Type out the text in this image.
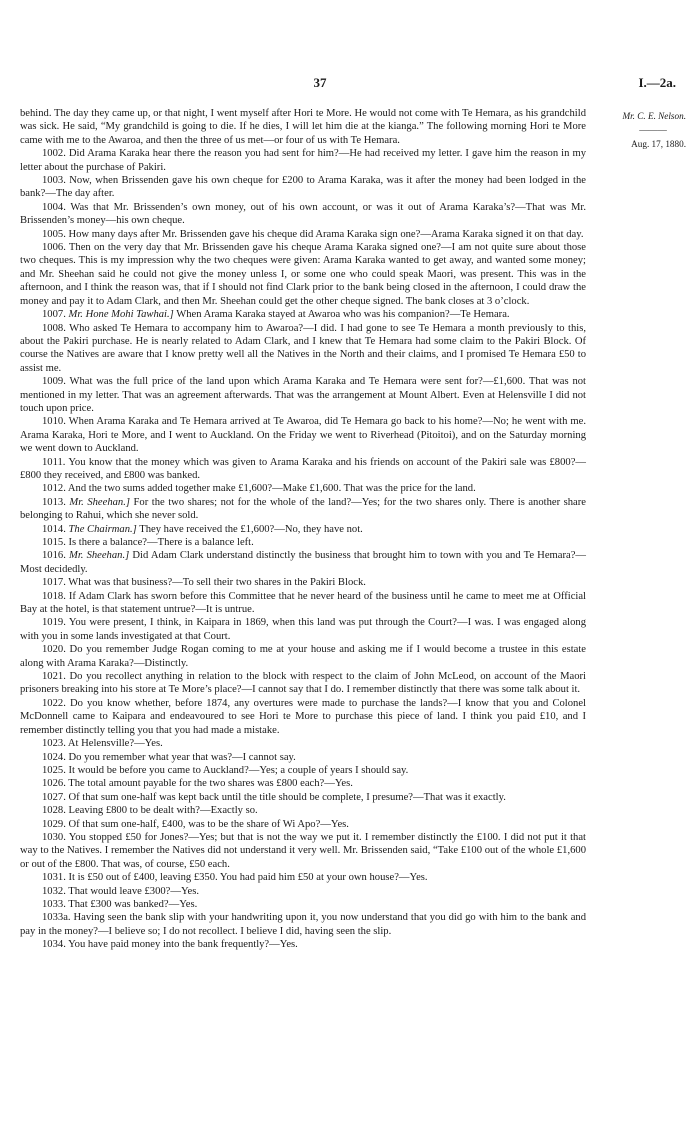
37	I.—2a.
Mr. C. E. Nelson.
———
Aug. 17, 1880.

behind. The day they came up, or that night, I went myself after Hori te More. He would not come with Te Hemara, as his grandchild was sick. He said, “My grandchild is going to die. If he dies, I will let him die at the kianga.” The following morning Hori te More came with me to the Awaroa, and then the three of us met—or four of us with Te Hemara.

1002. Did Arama Karaka hear there the reason you had sent for him?—He had received my letter. I gave him the reason in my letter about the purchase of Pakiri.

1003. Now, when Brissenden gave his own cheque for £200 to Arama Karaka, was it after the money had been lodged in the bank?—The day after.

1004. Was that Mr. Brissenden’s own money, out of his own account, or was it out of Arama Karaka’s?—That was Mr. Brissenden’s money—his own cheque.

1005. How many days after Mr. Brissenden gave his cheque did Arama Karaka sign one?—Arama Karaka signed it on that day.

1006. Then on the very day that Mr. Brissenden gave his cheque Arama Karaka signed one?—I am not quite sure about those two cheques. This is my impression why the two cheques were given: Arama Karaka wanted to get away, and wanted some money; and Mr. Sheehan said he could not give the money unless I, or some one who could speak Maori, was present. This was in the afternoon, and I think the reason was, that if I should not find Clark prior to the bank being closed in the afternoon, I could draw the money and pay it to Adam Clark, and then Mr. Sheehan could get the other cheque signed. The bank closes at 3 o’clock.

1007. Mr. Hone Mohi Tawhai.] When Arama Karaka stayed at Awaroa who was his companion?—Te Hemara.

1008. Who asked Te Hemara to accompany him to Awaroa?—I did. I had gone to see Te Hemara a month previously to this, about the Pakiri purchase. He is nearly related to Adam Clark, and I knew that Te Hemara had some claim to the Pakiri Block. Of course the Natives are aware that I know pretty well all the Natives in the North and their claims, and I promised Te Hemara £50 to assist me.

1009. What was the full price of the land upon which Arama Karaka and Te Hemara were sent for?—£1,600. That was not mentioned in my letter. That was an agreement afterwards. That was the arrangement at Mount Albert. Even at Helensville I did not touch upon price.

1010. When Arama Karaka and Te Hemara arrived at Te Awaroa, did Te Hemara go back to his home?—No; he went with me. Arama Karaka, Hori te More, and I went to Auckland. On the Friday we went to Riverhead (Pitoitoi), and on the Saturday morning we went down to Auckland.

1011. You know that the money which was given to Arama Karaka and his friends on account of the Pakiri sale was £800?—£800 they received, and £800 was banked.

1012. And the two sums added together make £1,600?—Make £1,600. That was the price for the land.

1013. Mr. Sheehan.] For the two shares; not for the whole of the land?—Yes; for the two shares only. There is another share belonging to Rahui, which she never sold.

1014. The Chairman.] They have received the £1,600?—No, they have not.

1015. Is there a balance?—There is a balance left.

1016. Mr. Sheehan.] Did Adam Clark understand distinctly the business that brought him to town with you and Te Hemara?—Most decidedly.

1017. What was that business?—To sell their two shares in the Pakiri Block.

1018. If Adam Clark has sworn before this Committee that he never heard of the business until he came to meet me at Official Bay at the hotel, is that statement untrue?—It is untrue.

1019. You were present, I think, in Kaipara in 1869, when this land was put through the Court?—I was. I was engaged along with you in some lands investigated at that Court.

1020. Do you remember Judge Rogan coming to me at your house and asking me if I would become a trustee in this estate along with Arama Karaka?—Distinctly.

1021. Do you recollect anything in relation to the block with respect to the claim of John McLeod, on account of the Maori prisoners breaking into his store at Te More’s place?—I cannot say that I do. I remember distinctly that there was some talk about it.

1022. Do you know whether, before 1874, any overtures were made to purchase the lands?—I know that you and Colonel McDonnell came to Kaipara and endeavoured to see Hori te More to purchase this piece of land. I think you paid £10, and I remember distinctly telling you that you had made a mistake.

1023. At Helensville?—Yes.

1024. Do you remember what year that was?—I cannot say.

1025. It would be before you came to Auckland?—Yes; a couple of years I should say.

1026. The total amount payable for the two shares was £800 each?—Yes.

1027. Of that sum one-half was kept back until the title should be complete, I presume?—That was it exactly.

1028. Leaving £800 to be dealt with?—Exactly so.

1029. Of that sum one-half, £400, was to be the share of Wi Apo?—Yes.

1030. You stopped £50 for Jones?—Yes; but that is not the way we put it. I remember distinctly the £100. I did not put it that way to the Natives. I remember the Natives did not understand it very well. Mr. Brissenden said, “Take £100 out of the whole £1,600 or out of the £800. That was, of course, £50 each.

1031. It is £50 out of £400, leaving £350. You had paid him £50 at your own house?—Yes.

1032. That would leave £300?—Yes.

1033. That £300 was banked?—Yes.

1033a. Having seen the bank slip with your handwriting upon it, you now understand that you did go with him to the bank and pay in the money?—I believe so; I do not recollect. I believe I did, having seen the slip.

1034. You have paid money into the bank frequently?—Yes.
